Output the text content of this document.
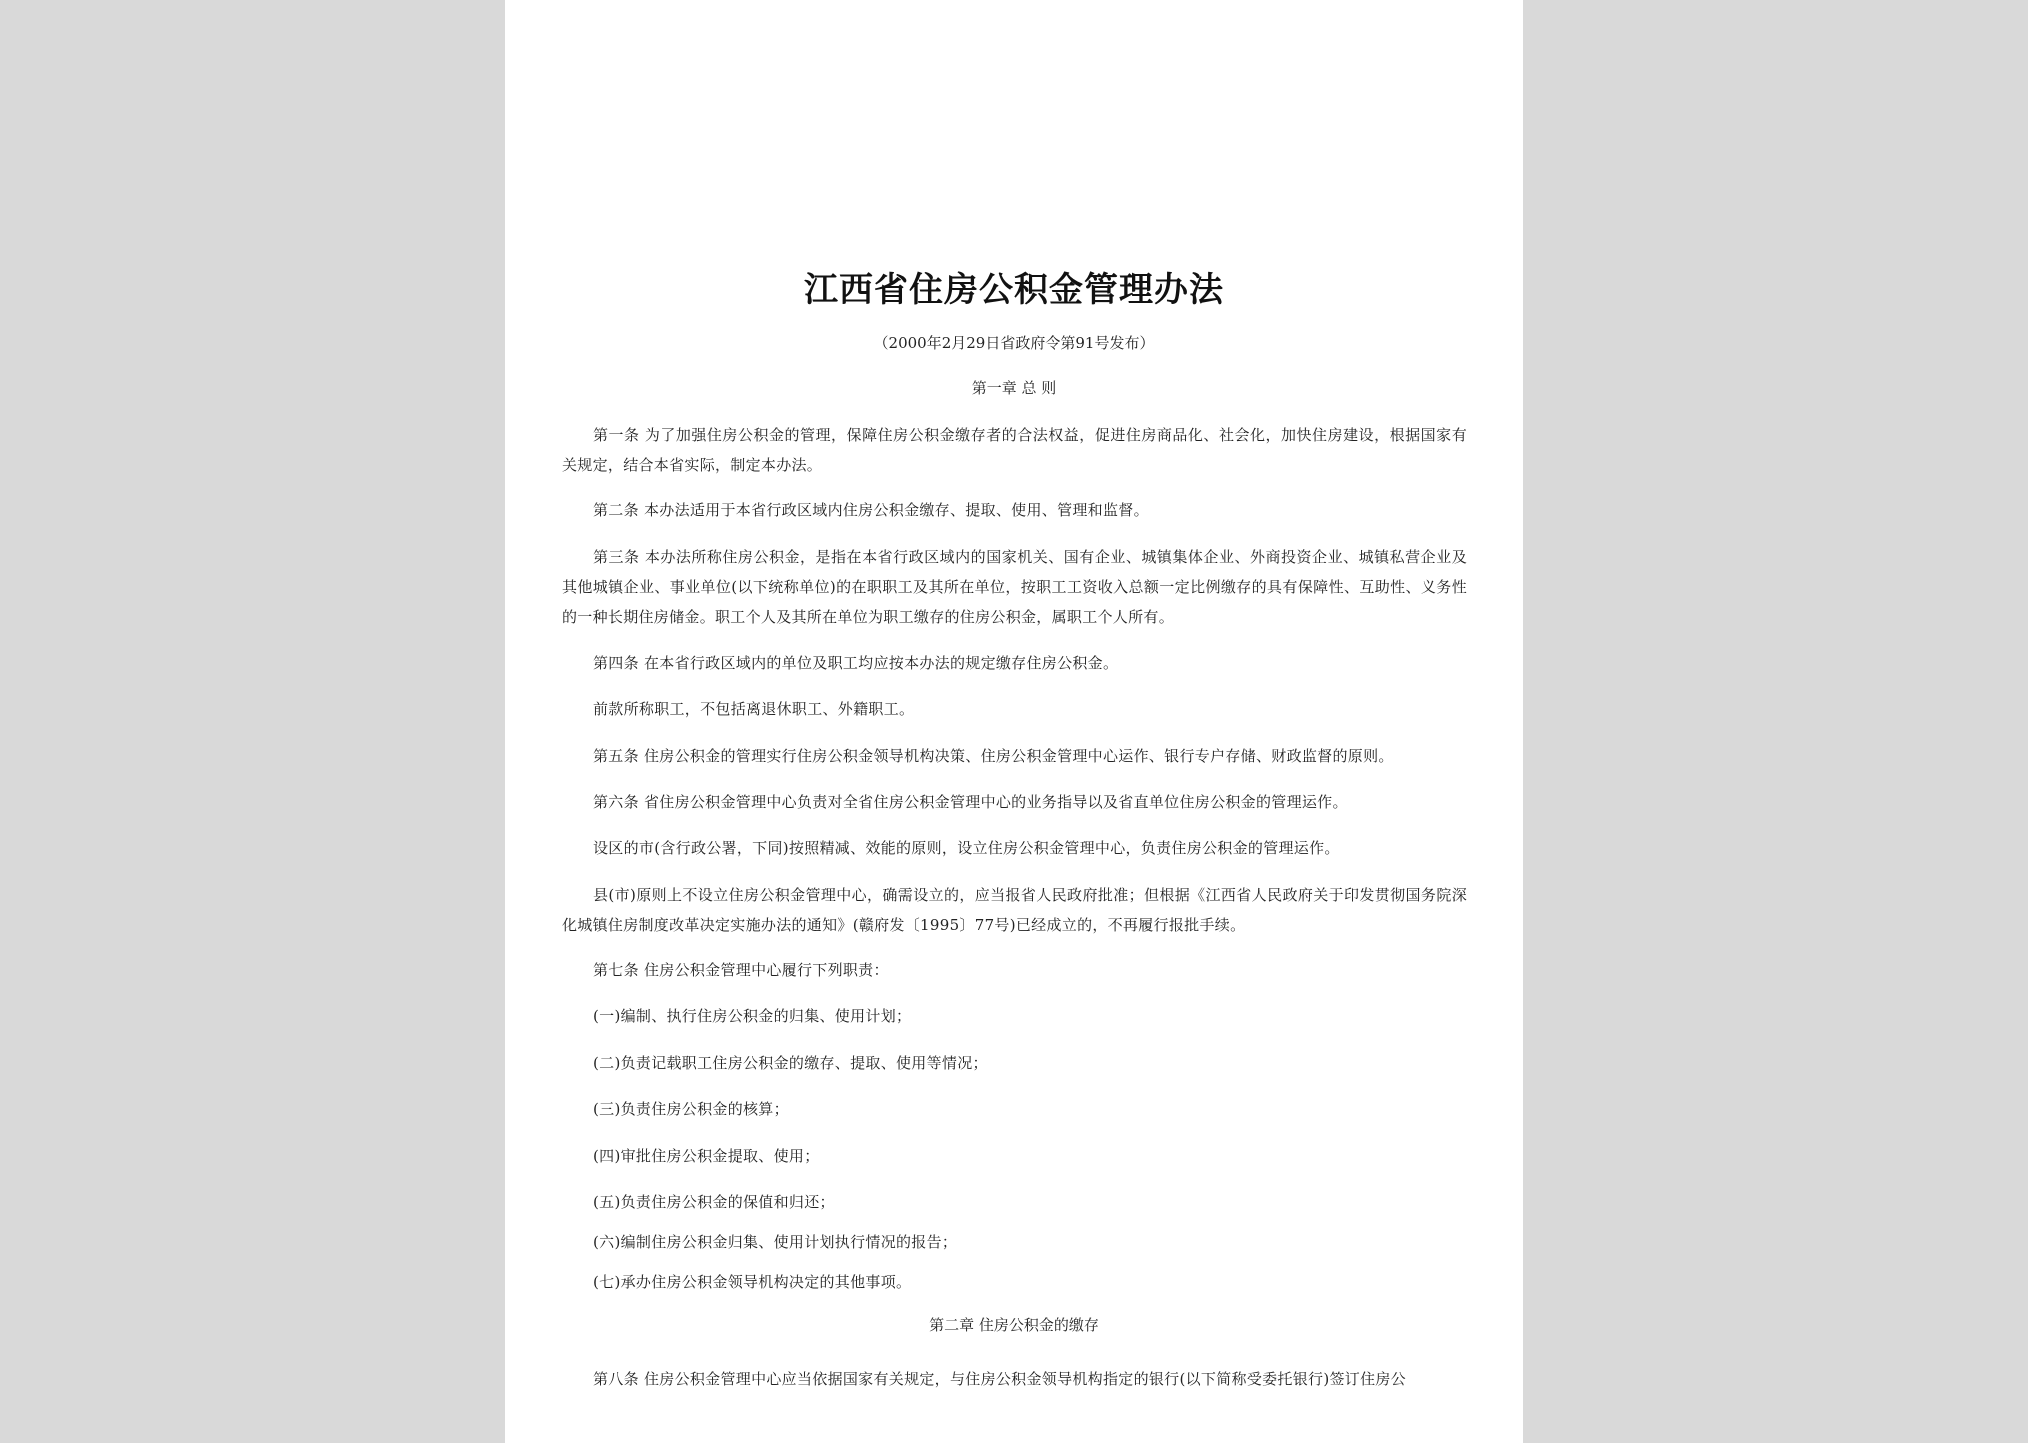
江西省住房公积金管理办法
（2000年2月29日省政府令第91号发布）
第一章 总 则
第一条 为了加强住房公积金的管理，保障住房公积金缴存者的合法权益，促进住房商品化、社会化，加快住房建设，根据国家有关规定，结合本省实际，制定本办法。
第二条 本办法适用于本省行政区域内住房公积金缴存、提取、使用、管理和监督。
第三条 本办法所称住房公积金，是指在本省行政区域内的国家机关、国有企业、城镇集体企业、外商投资企业、城镇私营企业及其他城镇企业、事业单位(以下统称单位)的在职职工及其所在单位，按职工工资收入总额一定比例缴存的具有保障性、互助性、义务性的一种长期住房储金。职工个人及其所在单位为职工缴存的住房公积金，属职工个人所有。
第四条 在本省行政区域内的单位及职工均应按本办法的规定缴存住房公积金。
前款所称职工，不包括离退休职工、外籍职工。
第五条 住房公积金的管理实行住房公积金领导机构决策、住房公积金管理中心运作、银行专户存储、财政监督的原则。
第六条 省住房公积金管理中心负责对全省住房公积金管理中心的业务指导以及省直单位住房公积金的管理运作。
设区的市(含行政公署，下同)按照精减、效能的原则，设立住房公积金管理中心，负责住房公积金的管理运作。
县(市)原则上不设立住房公积金管理中心，确需设立的，应当报省人民政府批准；但根据《江西省人民政府关于印发贯彻国务院深化城镇住房制度改革决定实施办法的通知》(赣府发〔1995〕77号)已经成立的，不再履行报批手续。
第七条 住房公积金管理中心履行下列职责：
(一)编制、执行住房公积金的归集、使用计划；
(二)负责记载职工住房公积金的缴存、提取、使用等情况；
(三)负责住房公积金的核算；
(四)审批住房公积金提取、使用；
(五)负责住房公积金的保值和归还；
(六)编制住房公积金归集、使用计划执行情况的报告；
(七)承办住房公积金领导机构决定的其他事项。
第二章 住房公积金的缴存
第八条 住房公积金管理中心应当依据国家有关规定，与住房公积金领导机构指定的银行(以下简称受委托银行)签订住房公
